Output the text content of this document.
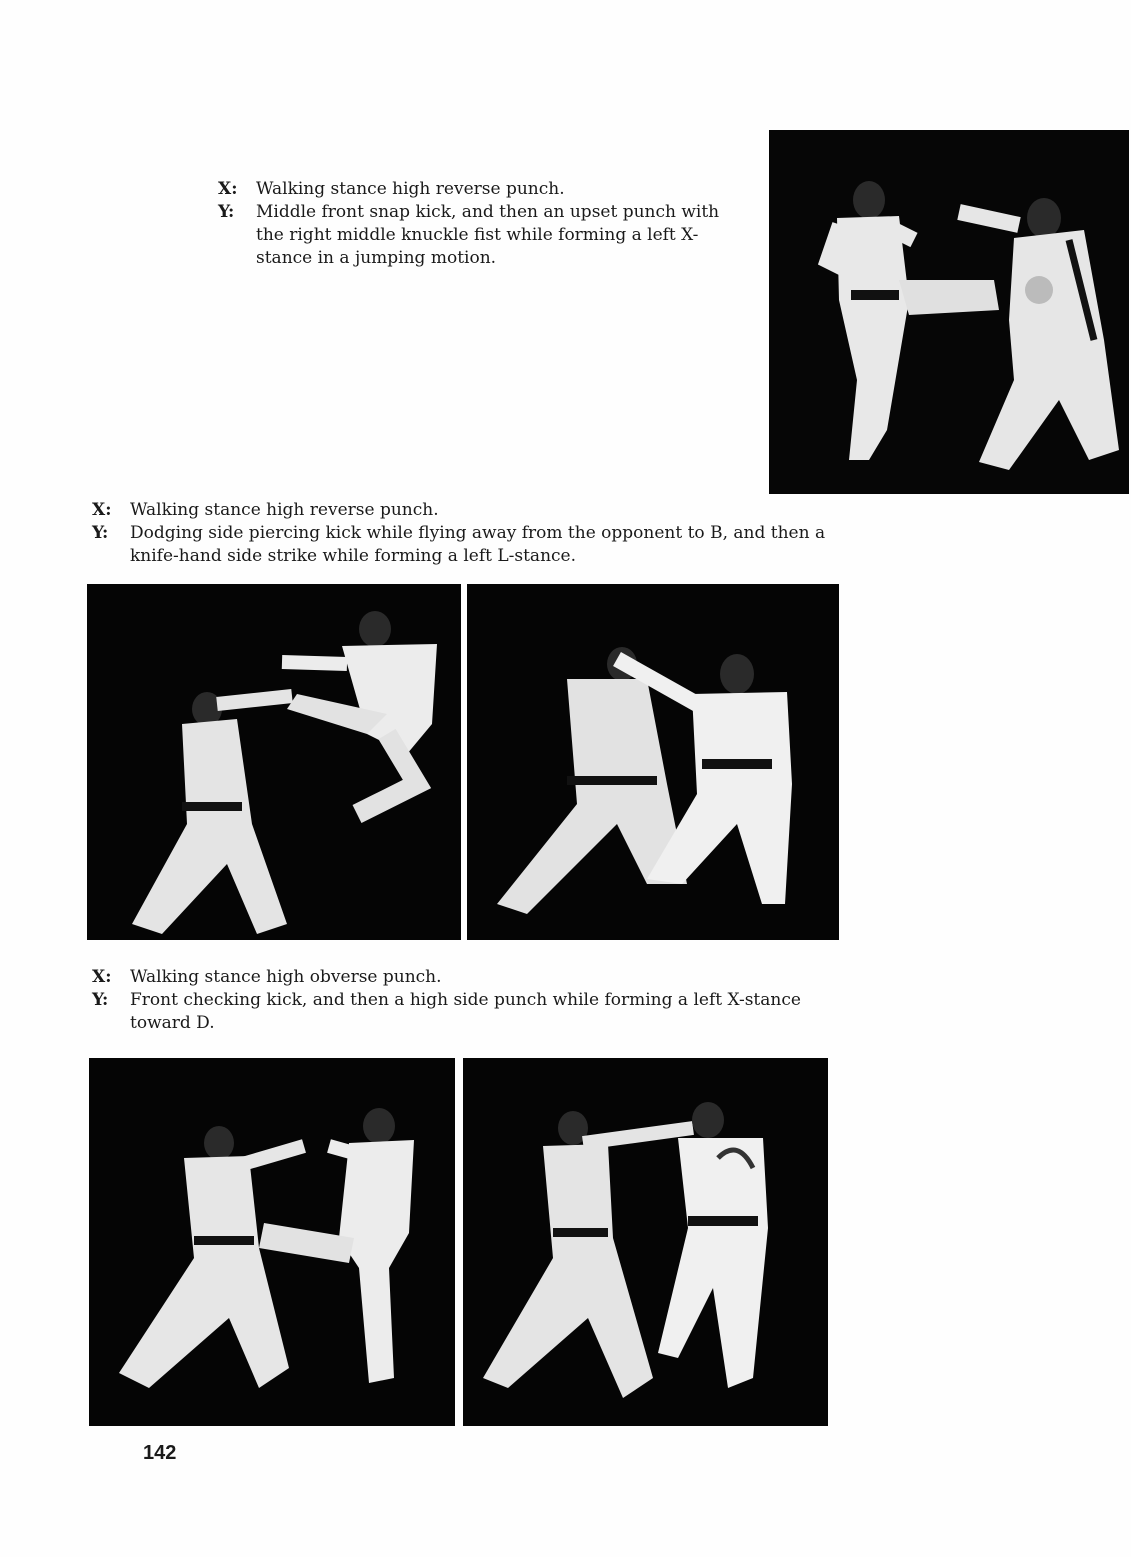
X:	Walking stance high reverse punch.
Y:	Middle front snap kick, and then an upset punch with the right middle knuckle fist while forming a left X-stance in a jumping motion.
X:	Walking stance high reverse punch.
Y:	Dodging side piercing kick while flying away from the opponent to B, and then a knife-hand side strike while forming a left L-stance.
X:	Walking stance high obverse punch.
Y:	Front checking kick, and then a high side punch while forming a left X-stance toward D.
142
